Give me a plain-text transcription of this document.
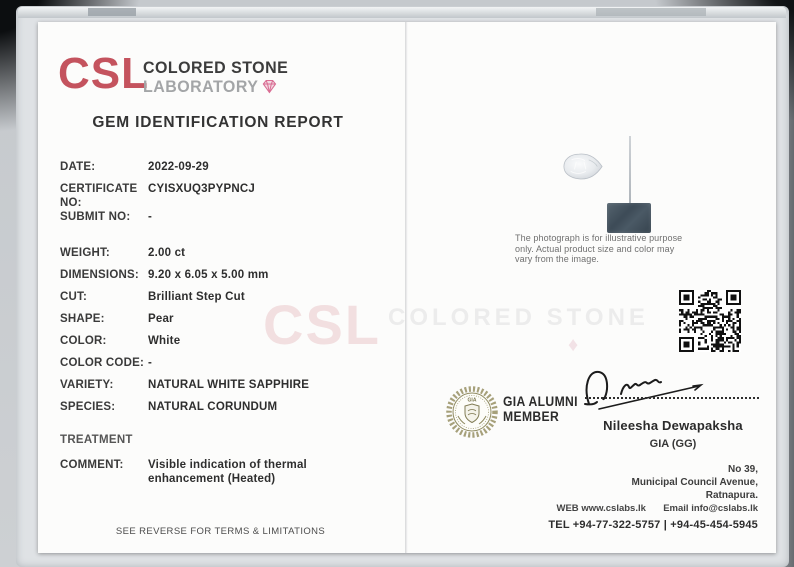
CSL COLORED STONE
♦
CSL
COLORED STONE
LABORATORY
GEM IDENTIFICATION REPORT
DATE:	2022-09-29
CERTIFICATE NO:
CYISXUQ3PYPNCJ
SUBMIT NO:	-
WEIGHT:	2.00 ct
DIMENSIONS: 9.20 x 6.05 x 5.00 mm
CUT:	Brilliant Step Cut
SHAPE:	Pear
COLOR:	White
COLOR CODE: -
VARIETY:	NATURAL WHITE SAPPHIRE
SPECIES:	NATURAL CORUNDUM
TREATMENT
COMMENT:	Visible indication of thermal enhancement (Heated)
SEE REVERSE FOR TERMS & LIMITATIONS
The photograph is for illustrative purpose
only. Actual product size and color may
vary from the image.
GIA GIA ALUMNI
MEMBER
Nileesha Dewapaksha
GIA (GG)
No 39,
Municipal Council Avenue,
Ratnapura.
WEB www.cslabs.lk Email info@cslabs.lk
TEL +94-77-322-5757 | +94-45-454-5945
